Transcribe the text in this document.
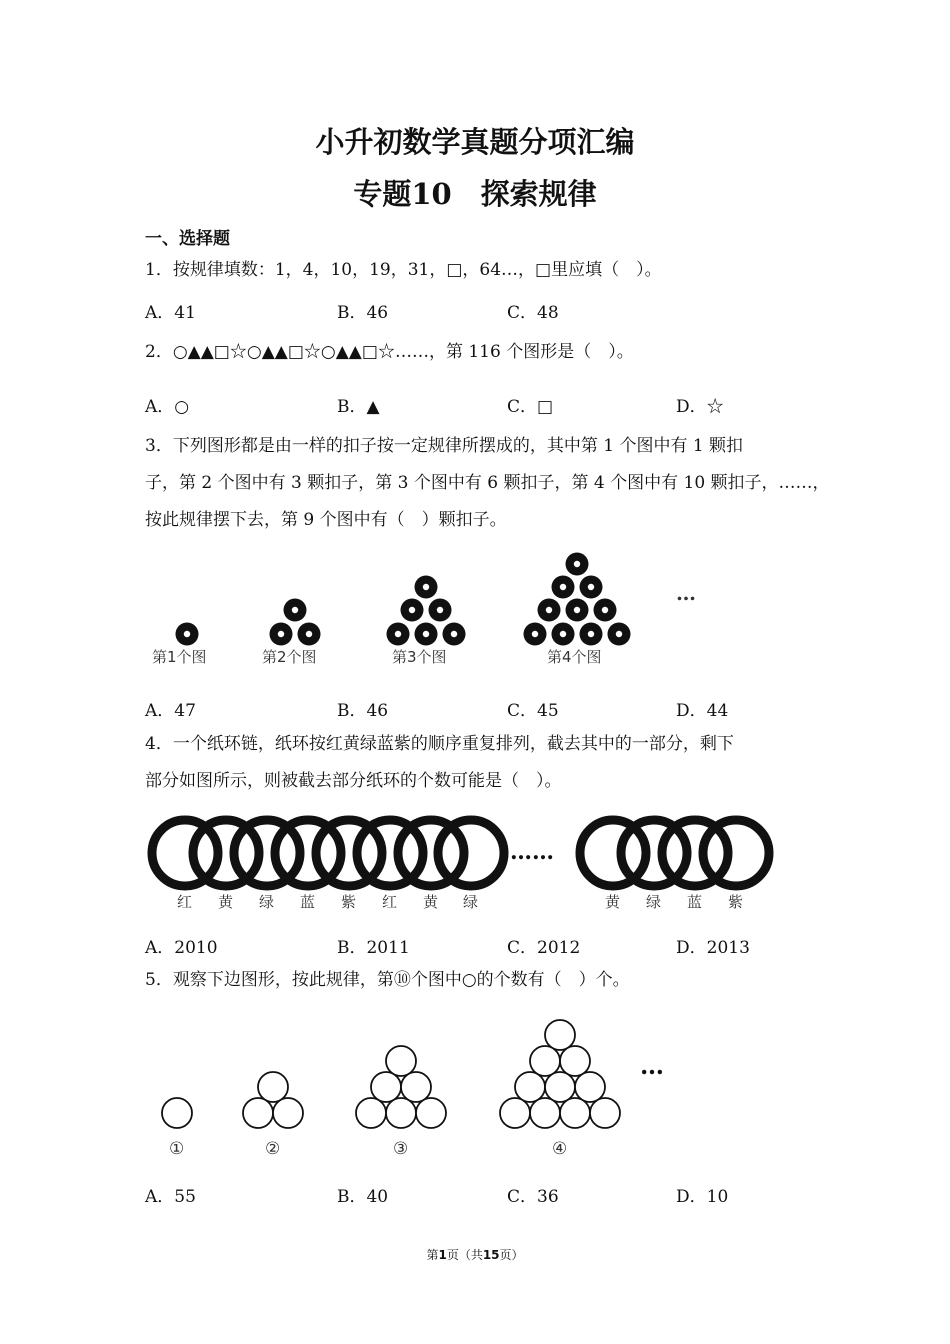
小升初数学真题分项汇编
专题10　探索规律
一、选择题
1．按规律填数：1，4，10，19，31，□，64…，□里应填（　）。
A．41	B．46	C．48
2．○▲▲□☆○▲▲□☆○▲▲□☆……，第 116 个图形是（　）。
A．○	B．▲	C．□	D．☆
3．下列图形都是由一样的扣子按一定规律所摆成的，其中第 1 个图中有 1 颗扣
子，第 2 个图中有 3 颗扣子，第 3 个图中有 6 颗扣子，第 4 个图中有 10 颗扣子，……，
按此规律摆下去，第 9 个图中有（　）颗扣子。
第1个图	第2个图	第3个图	第4个图
…
A．47	B．46	C．45	D．44
4．一个纸环链，纸环按红黄绿蓝紫的顺序重复排列，截去其中的一部分，剩下
部分如图所示，则被截去部分纸环的个数可能是（　）。
……
红 黄 绿 蓝 紫 红 黄 绿	黄 绿 蓝 紫
A．2010	B．2011	C．2012	D．2013
5．观察下边图形，按此规律，第⑩个图中○的个数有（　）个。
①	②	③	④
…
A．55	B．40	C．36	D．10
第1页（共15页）
